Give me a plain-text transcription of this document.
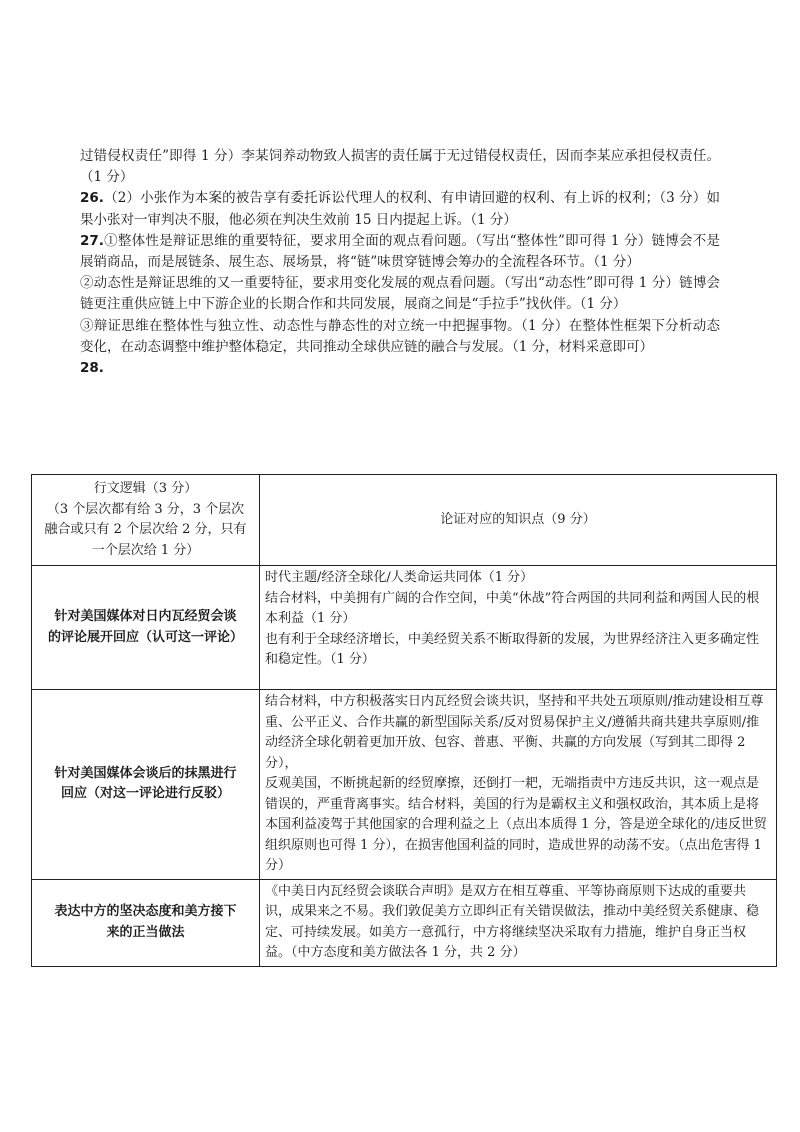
过错侵权责任”即得 1 分）李某饲养动物致人损害的责任属于无过错侵权责任，因而李某应承担侵权责任。（1 分）

26.（2）小张作为本案的被告享有委托诉讼代理人的权利、有申请回避的权利、有上诉的权利；（3 分）如果小张对一审判决不服，他必须在判决生效前 15 日内提起上诉。（1 分）

27.①整体性是辩证思维的重要特征，要求用全面的观点看问题。（写出“整体性”即可得 1 分）链博会不是展销商品，而是展链条、展生态、展场景，将“链”味贯穿链博会筹办的全流程各环节。（1 分）

②动态性是辩证思维的又一重要特征，要求用变化发展的观点看问题。（写出“动态性”即可得 1 分）链博会链更注重供应链上中下游企业的长期合作和共同发展，展商之间是“手拉手”找伙伴。（1 分）

③辩证思维在整体性与独立性、动态性与静态性的对立统一中把握事物。（1 分）在整体性框架下分析动态变化，在动态调整中维护整体稳定，共同推动全球供应链的融合与发展。（1 分，材料采意即可）

28.

行文逻辑（3 分）
（3 个层次都有给 3 分，3 个层次
融合或只有 2 个层次给 2 分，只有
一个层次给 1 分）	论证对应的知识点（9 分）

针对美国媒体对日内瓦经贸会谈
的评论展开回应（认可这一评论）	时代主题/经济全球化/人类命运共同体（1 分）
结合材料，中美拥有广阔的合作空间，中美“休战”符合两国的共同利益和两国人民的根本利益（1 分）
也有利于全球经济增长，中美经贸关系不断取得新的发展，为世界经济注入更多确定性和稳定性。（1 分）

针对美国媒体会谈后的抹黑进行
回应（对这一评论进行反驳）	结合材料，中方积极落实日内瓦经贸会谈共识，坚持和平共处五项原则/推动建设相互尊重、公平正义、合作共赢的新型国际关系/反对贸易保护主义/遵循共商共建共享原则/推动经济全球化朝着更加开放、包容、普惠、平衡、共赢的方向发展（写到其二即得 2 分），
反观美国，不断挑起新的经贸摩擦，还倒打一耙，无端指责中方违反共识，这一观点是错误的，严重背离事实。结合材料，美国的行为是霸权主义和强权政治，其本质上是将本国利益凌驾于其他国家的合理利益之上（点出本质得 1 分，答是逆全球化的/违反世贸组织原则也可得 1 分），在损害他国利益的同时，造成世界的动荡不安。（点出危害得 1 分）

表达中方的坚决态度和美方接下
来的正当做法	《中美日内瓦经贸会谈联合声明》是双方在相互尊重、平等协商原则下达成的重要共识，成果来之不易。我们敦促美方立即纠正有关错误做法，推动中美经贸关系健康、稳定、可持续发展。如美方一意孤行，中方将继续坚决采取有力措施，维护自身正当权益。（中方态度和美方做法各 1 分，共 2 分）
